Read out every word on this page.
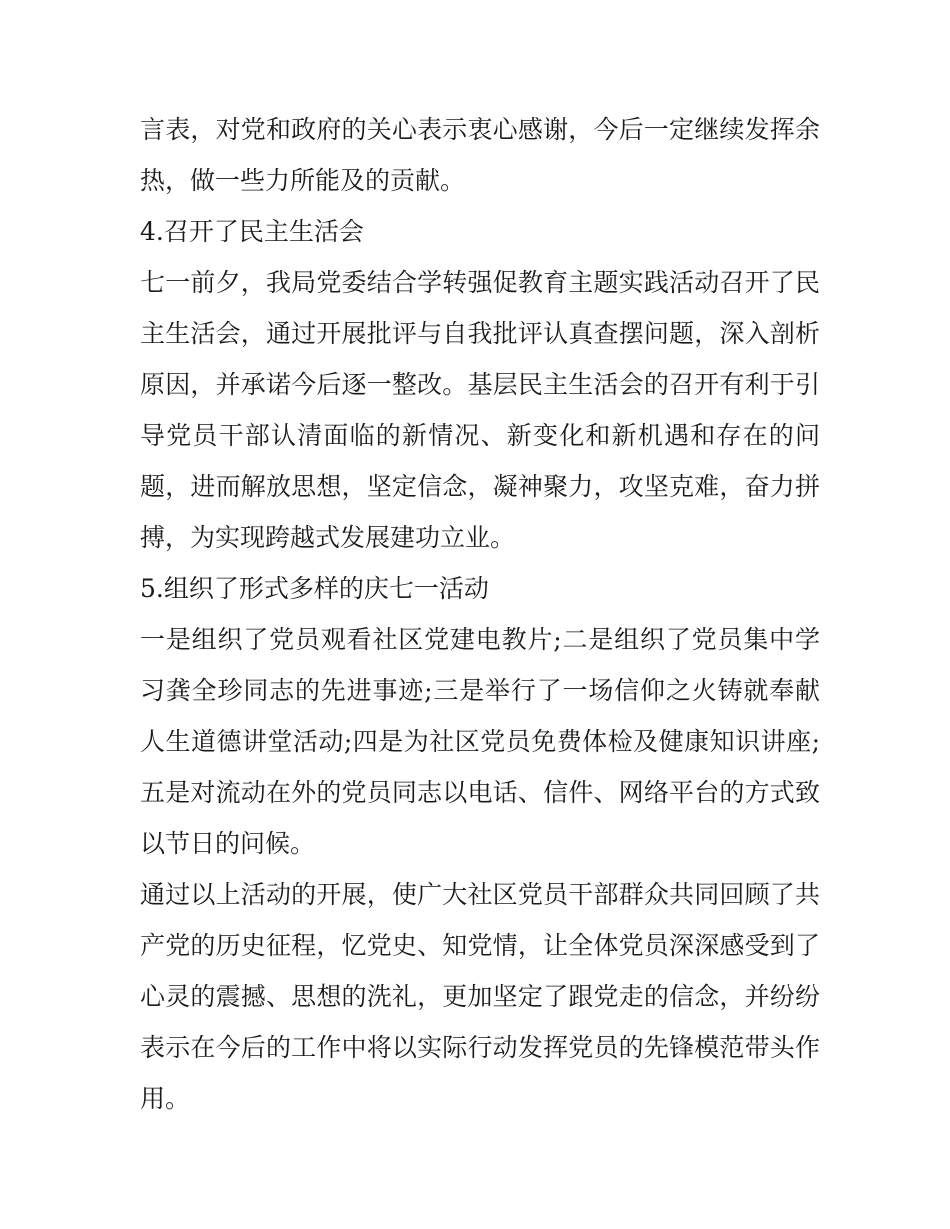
言表，对党和政府的关心表示衷心感谢，今后一定继续发挥余
热，做一些力所能及的贡献。
4.召开了民主生活会
七一前夕，我局党委结合学转强促教育主题实践活动召开了民
主生活会，通过开展批评与自我批评认真查摆问题，深入剖析
原因，并承诺今后逐一整改。基层民主生活会的召开有利于引
导党员干部认清面临的新情况、新变化和新机遇和存在的问
题，进而解放思想，坚定信念，凝神聚力，攻坚克难，奋力拼
搏，为实现跨越式发展建功立业。
5.组织了形式多样的庆七一活动
一是组织了党员观看社区党建电教片;二是组织了党员集中学
习龚全珍同志的先进事迹;三是举行了一场信仰之火铸就奉献
人生道德讲堂活动;四是为社区党员免费体检及健康知识讲座;
五是对流动在外的党员同志以电话、信件、网络平台的方式致
以节日的问候。
通过以上活动的开展，使广大社区党员干部群众共同回顾了共
产党的历史征程，忆党史、知党情，让全体党员深深感受到了
心灵的震撼、思想的洗礼，更加坚定了跟党走的信念，并纷纷
表示在今后的工作中将以实际行动发挥党员的先锋模范带头作
用。
